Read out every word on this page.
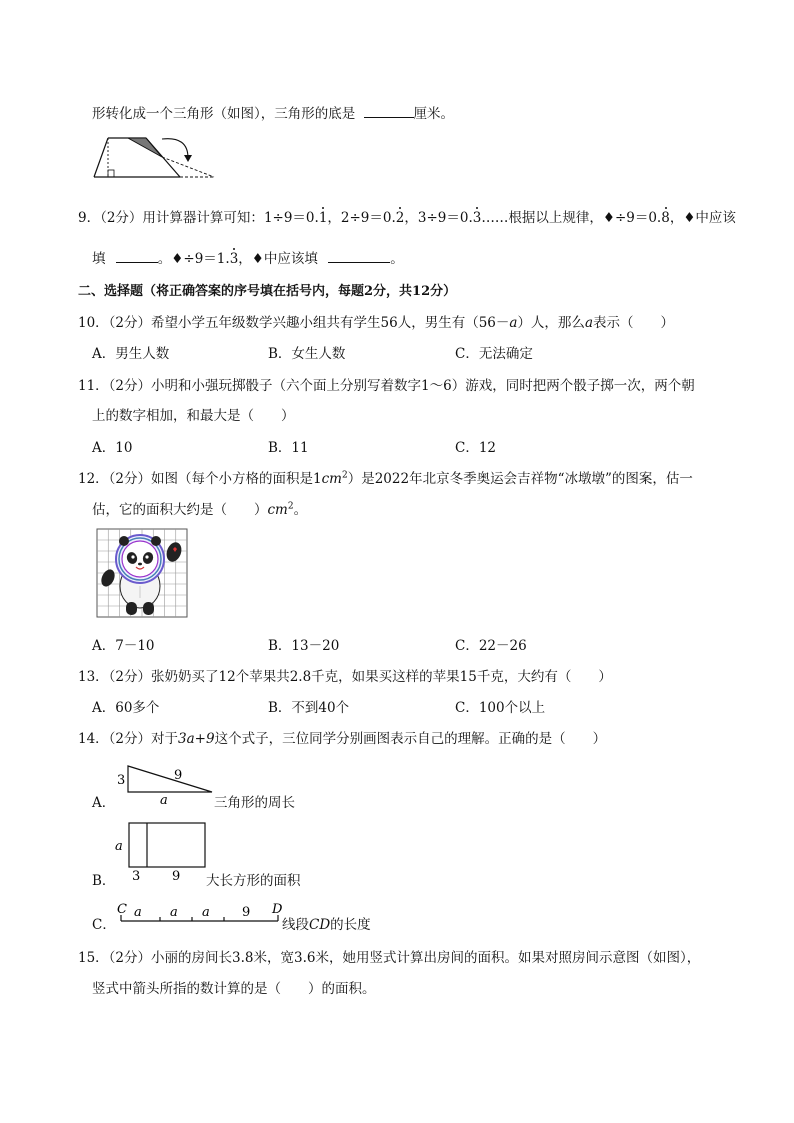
形转化成一个三角形（如图），三角形的底是	厘米。
9．（2分）用计算器计算可知：1÷9＝0.1，2÷9＝0.2，3÷9＝0.3……根据以上规律，♦÷9＝0.8，♦中应该
填	。♦÷9＝1.3，♦中应该填	。
二、选择题（将正确答案的序号填在括号内，每题2分，共12分）
10．（2分）希望小学五年级数学兴趣小组共有学生56人，男生有（56－a）人，那么a表示（　　）
A．男生人数	B．女生人数	C．无法确定
11．（2分）小明和小强玩掷骰子（六个面上分别写着数字1～6）游戏，同时把两个骰子掷一次，两个朝
上的数字相加，和最大是（　　）
A．10	B．11	C．12
12．（2分）如图（每个小方格的面积是$1cm^2$）是2022年北京冬季奥运会吉祥物“冰墩墩”的图案，估一
估，它的面积大约是（　　）$cm^2$。
A．7－10	B．13－20	C．22－26
13．（2分）张奶奶买了12个苹果共2.8千克，如果买这样的苹果15千克，大约有（　　）
A．60多个	B．不到40个	C．100个以上
14．（2分）对于3a+9这个式子，三位同学分别画图表示自己的理解。正确的是（　　）
A．
3	9
a	三角形的周长
a
3 9
B．	大长方形的面积
C．
C a a a 9 D
线段CD的长度
15．（2分）小丽的房间长3.8米，宽3.6米，她用竖式计算出房间的面积。如果对照房间示意图（如图），
竖式中箭头所指的数计算的是（　　）的面积。
